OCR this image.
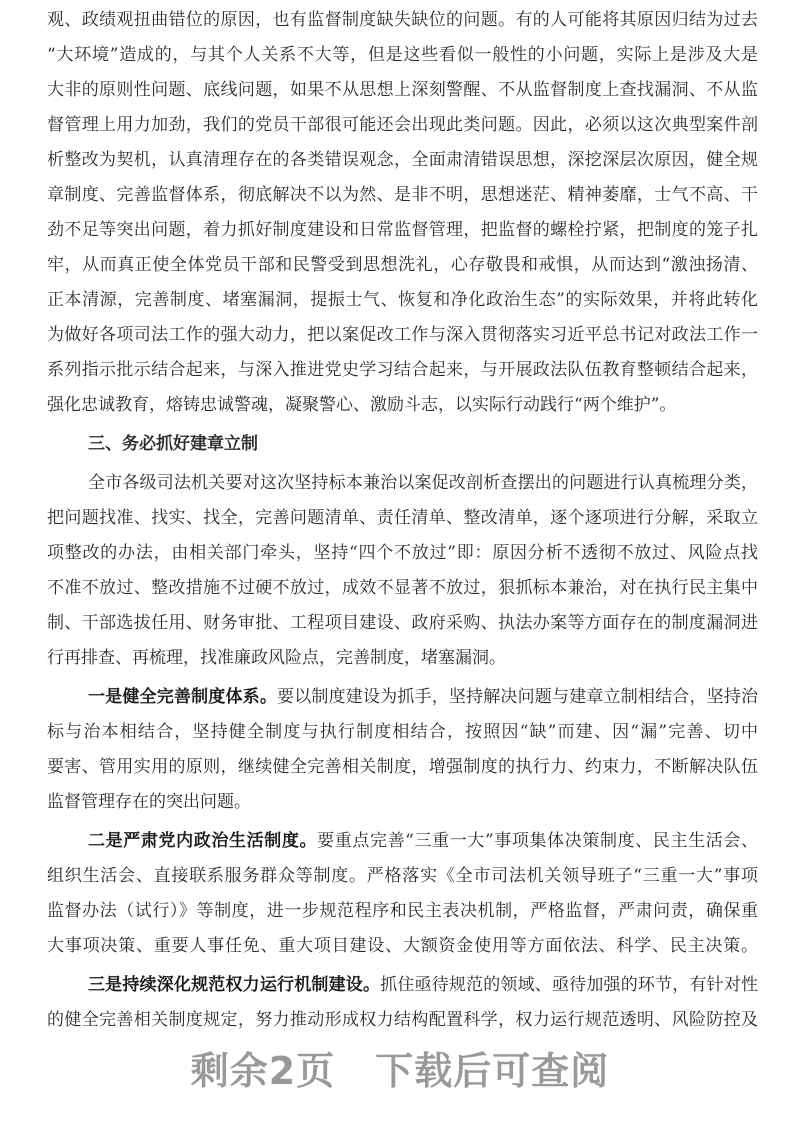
观、政绩观扭曲错位的原因，也有监督制度缺失缺位的问题。有的人可能将其原因归结为过去
“大环境”造成的，与其个人关系不大等，但是这些看似一般性的小问题，实际上是涉及大是
大非的原则性问题、底线问题，如果不从思想上深刻警醒、不从监督制度上查找漏洞、不从监
督管理上用力加劲，我们的党员干部很可能还会出现此类问题。因此，必须以这次典型案件剖
析整改为契机，认真清理存在的各类错误观念，全面肃清错误思想，深挖深层次原因，健全规
章制度、完善监督体系，彻底解决不以为然、是非不明，思想迷茫、精神萎靡，士气不高、干
劲不足等突出问题，着力抓好制度建设和日常监督管理，把监督的螺栓拧紧，把制度的笼子扎
牢，从而真正使全体党员干部和民警受到思想洗礼，心存敬畏和戒惧，从而达到“激浊扬清、
正本清源，完善制度、堵塞漏洞，提振士气、恢复和净化政治生态”的实际效果，并将此转化
为做好各项司法工作的强大动力，把以案促改工作与深入贯彻落实习近平总书记对政法工作一
系列指示批示结合起来，与深入推进党史学习结合起来，与开展政法队伍教育整顿结合起来，
强化忠诚教育，熔铸忠诚警魂，凝聚警心、激励斗志，以实际行动践行“两个维护”。
三、务必抓好建章立制
全市各级司法机关要对这次坚持标本兼治以案促改剖析查摆出的问题进行认真梳理分类，
把问题找准、找实、找全，完善问题清单、责任清单、整改清单，逐个逐项进行分解，采取立
项整改的办法，由相关部门牵头，坚持“四个不放过”即：原因分析不透彻不放过、风险点找
不准不放过、整改措施不过硬不放过，成效不显著不放过，狠抓标本兼治，对在执行民主集中
制、干部选拔任用、财务审批、工程项目建设、政府采购、执法办案等方面存在的制度漏洞进
行再排查、再梳理，找准廉政风险点，完善制度，堵塞漏洞。
一是健全完善制度体系。要以制度建设为抓手，坚持解决问题与建章立制相结合，坚持治
标与治本相结合，坚持健全制度与执行制度相结合，按照因“缺”而建、因“漏”完善、切中
要害、管用实用的原则，继续健全完善相关制度，增强制度的执行力、约束力，不断解决队伍
监督管理存在的突出问题。
二是严肃党内政治生活制度。要重点完善“三重一大”事项集体决策制度、民主生活会、
组织生活会、直接联系服务群众等制度。严格落实《全市司法机关领导班子“三重一大”事项
监督办法（试行）》等制度，进一步规范程序和民主表决机制，严格监督，严肃问责，确保重
大事项决策、重要人事任免、重大项目建设、大额资金使用等方面依法、科学、民主决策。
三是持续深化规范权力运行机制建设。抓住亟待规范的领域、亟待加强的环节，有针对性
的健全完善相关制度规定，努力推动形成权力结构配置科学，权力运行规范透明、风险防控及
剩余2页 下载后可查阅
